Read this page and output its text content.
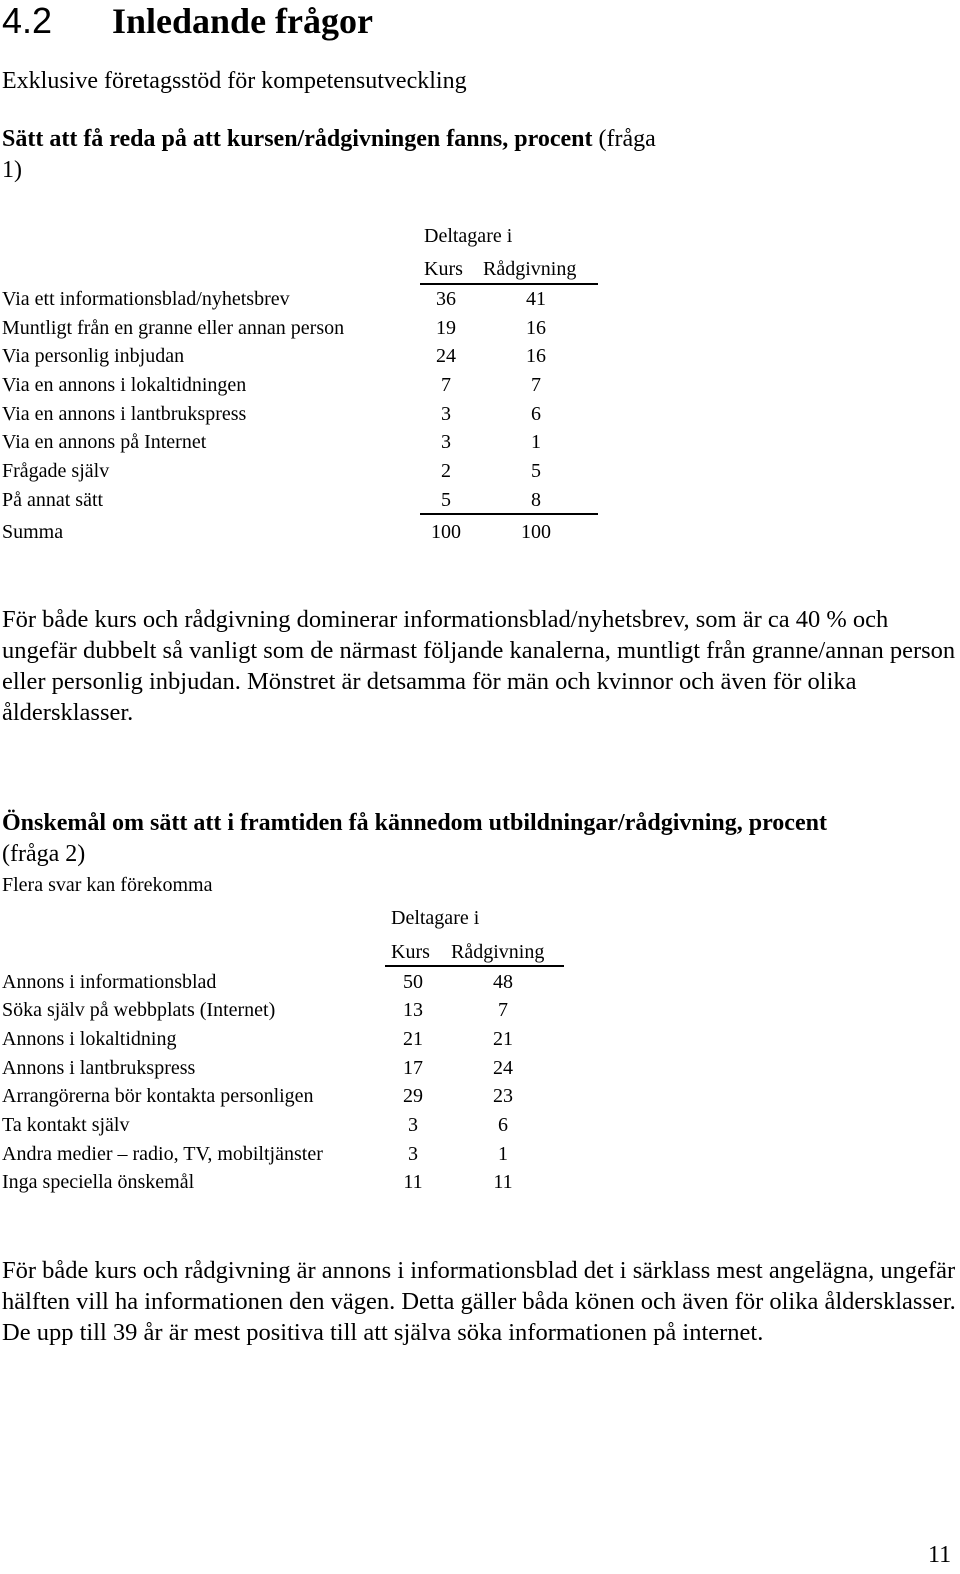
4.2 Inledande frågor
Exklusive företagsstöd för kompetensutveckling
Sätt att få reda på att kursen/rådgivningen fanns, procent (fråga
1)
Deltagare i
Kurs Rådgivning
Via ett informationsblad/nyhetsbrev	36	41
Muntligt från en granne eller annan person	19	16
Via personlig inbjudan	24	16
Via en annons i lokaltidningen	7	7
Via en annons i lantbrukspress	3	6
Via en annons på Internet	3	1
Frågade själv	2	5
På annat sätt	5	8
Summa	100	100
För både kurs och rådgivning dominerar informationsblad/nyhetsbrev, som är ca 40 % och ungefär dubbelt så vanligt som de närmast följande kanalerna, muntligt från granne/annan person eller personlig inbjudan. Mönstret är detsamma för män och kvinnor och även för olika åldersklasser.
Önskemål om sätt att i framtiden få kännedom utbildningar/rådgivning, procent
(fråga 2)
Flera svar kan förekomma
Deltagare i
Kurs Rådgivning
Annons i informationsblad	50	48
Söka själv på webbplats (Internet)	13	7
Annons i lokaltidning	21	21
Annons i lantbrukspress	17	24
Arrangörerna bör kontakta personligen	29	23
Ta kontakt själv	3	6
Andra medier – radio, TV, mobiltjänster	3	1
Inga speciella önskemål	11	11
För både kurs och rådgivning är annons i informationsblad det i särklass mest angelägna, ungefär hälften vill ha informationen den vägen. Detta gäller båda könen och även för olika åldersklasser. De upp till 39 år är mest positiva till att själva söka informationen på internet.
11
